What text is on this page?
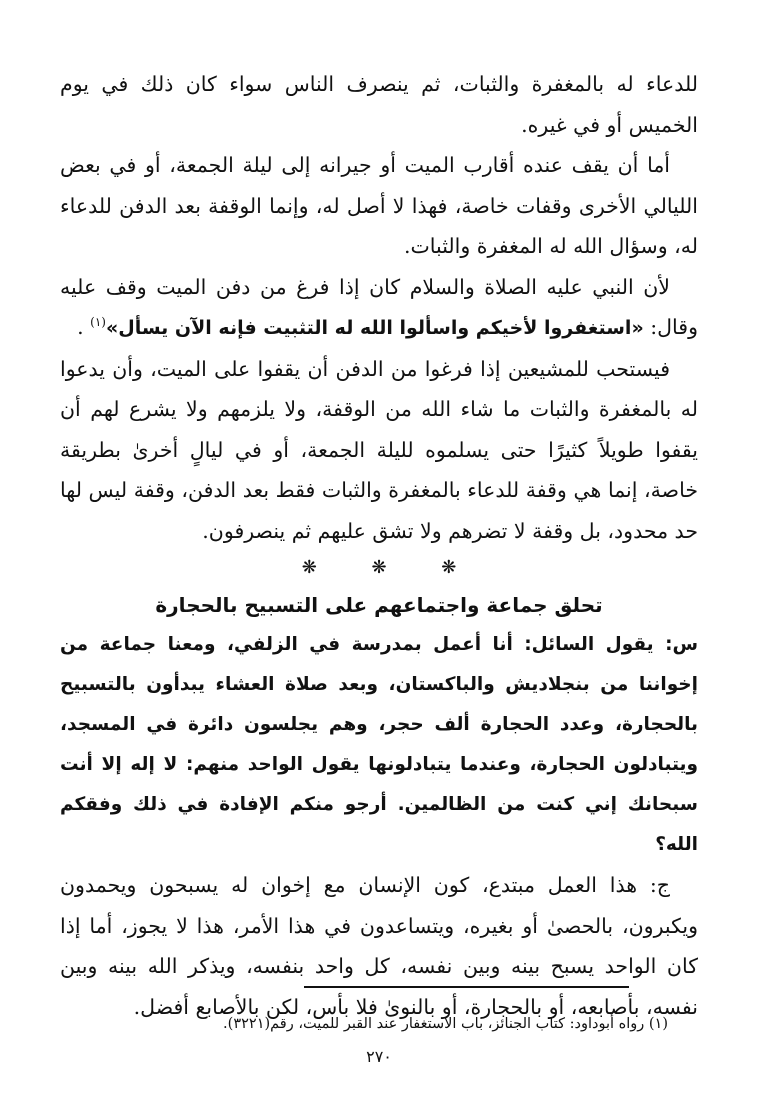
للدعاء له بالمغفرة والثبات، ثم ينصرف الناس سواء كان ذلك في يوم الخميس أو في غيره.

أما أن يقف عنده أقارب الميت أو جيرانه إلى ليلة الجمعة، أو في بعض الليالي الأخرى وقفات خاصة، فهذا لا أصل له، وإنما الوقفة بعد الدفن للدعاء له، وسؤال الله له المغفرة والثبات.

لأن النبي عليه الصلاة والسلام كان إذا فرغ من دفن الميت وقف عليه وقال: «استغفروا لأخيكم واسألوا الله له التثبيت فإنه الآن يسأل»$^{(١)}$ .

فيستحب للمشيعين إذا فرغوا من الدفن أن يقفوا على الميت، وأن يدعوا له بالمغفرة والثبات ما شاء الله من الوقفة، ولا يلزمهم ولا يشرع لهم أن يقفوا طويلاً كثيرًا حتى يسلموه لليلة الجمعة، أو في ليالٍ أخرىٰ بطريقة خاصة، إنما هي وقفة للدعاء بالمغفرة والثبات فقط بعد الدفن، وقفة ليس لها حد محدود، بل وقفة لا تضرهم ولا تشق عليهم ثم ينصرفون.

❋ ❋ ❋
تحلق جماعة واجتماعهم على التسبيح بالحجارة

س: يقول السائل: أنا أعمل بمدرسة في الزلفي، ومعنا جماعة من إخواننا من بنجلاديش والباكستان، وبعد صلاة العشاء يبدأون بالتسبيح بالحجارة، وعدد الحجارة ألف حجر، وهم يجلسون دائرة في المسجد، ويتبادلون الحجارة، وعندما يتبادلونها يقول الواحد منهم: لا إله إلا أنت سبحانك إني كنت من الظالمين. أرجو منكم الإفادة في ذلك وفقكم الله؟

ج: هذا العمل مبتدع، كون الإنسان مع إخوان له يسبحون ويحمدون ويكبرون، بالحصىٰ أو بغيره، ويتساعدون في هذا الأمر، هذا لا يجوز، أما إذا كان الواحد يسبح بينه وبين نفسه، كل واحد بنفسه، ويذكر الله بينه وبين نفسه، بأصابعه، أو بالحجارة، أو بالنوىٰ فلا بأس، لكن بالأصابع أفضل.

(١) رواه أبوداود: كتاب الجنائز، باب الاستغفار عند القبر للميت، رقم(٣٢٢١).
٢٧٠
